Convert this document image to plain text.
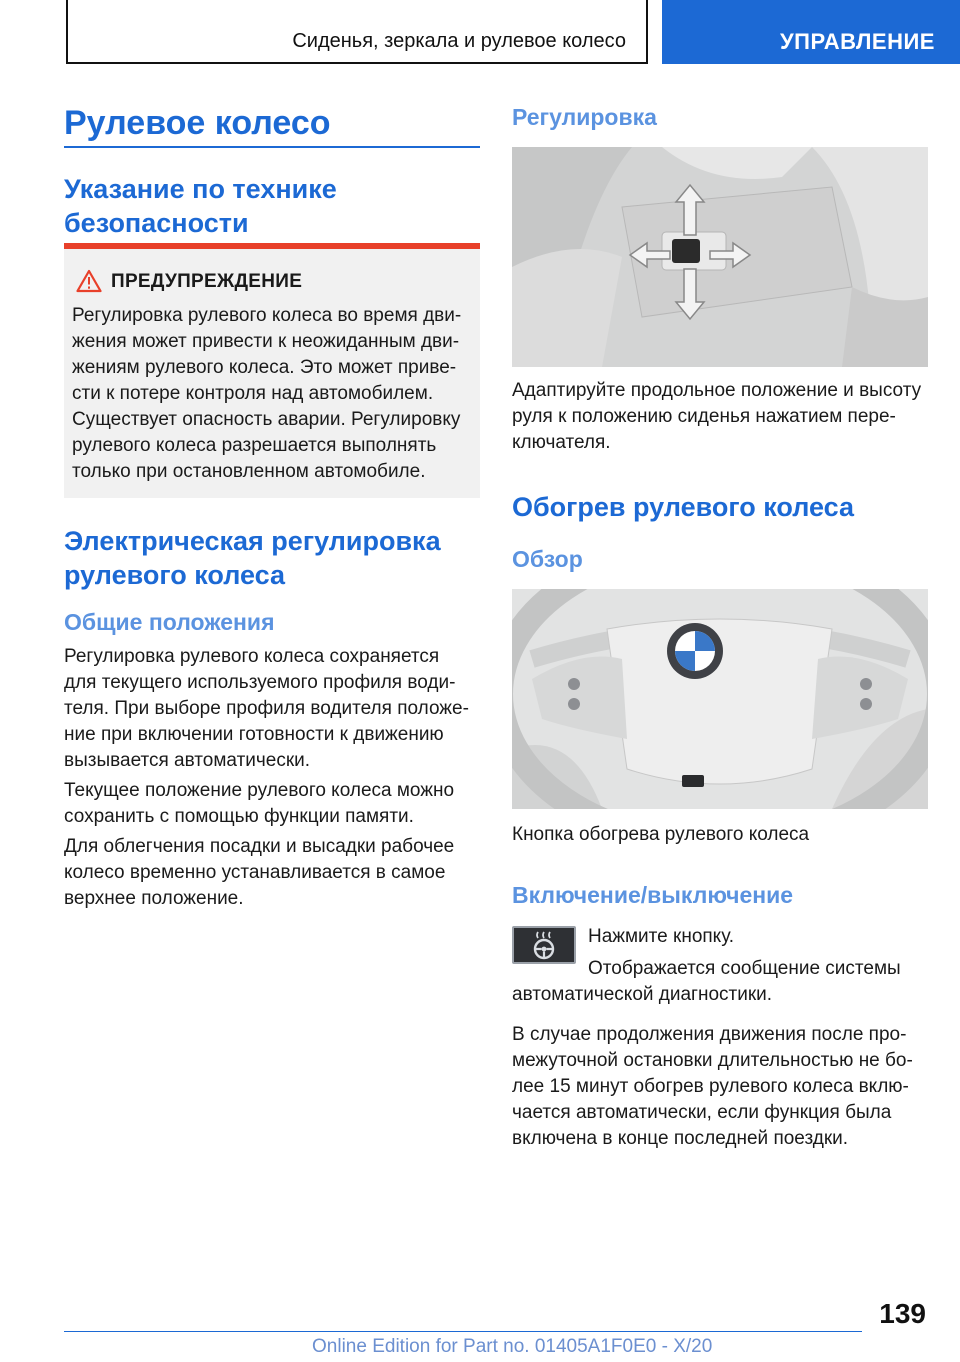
Сиденья, зеркала и рулевое колесо	УПРАВЛЕНИЕ
Рулевое колесо
Указание по технике безопасности
ПРЕДУПРЕЖДЕНИЕ
Регулировка рулевого колеса во время дви-
жения может привести к неожиданным дви-
жениям рулевого колеса. Это может приве-
сти к потере контроля над автомобилем.
Существует опасность аварии. Регулировку
рулевого колеса разрешается выполнять
только при остановленном автомобиле.
Электрическая регулировка рулевого колеса
Общие положения
Регулировка рулевого колеса сохраняется
для текущего используемого профиля води-
теля. При выборе профиля водителя положе-
ние при включении готовности к движению
вызывается автоматически.
Текущее положение рулевого колеса можно
сохранить с помощью функции памяти.
Для облегчения посадки и высадки рабочее
колесо временно устанавливается в самое
верхнее положение.
Регулировка
Адаптируйте продольное положение и высоту
руля к положению сиденья нажатием пере-
ключателя.
Обогрев рулевого колеса
Обзор
Кнопка обогрева рулевого колеса
Включение/выключение
Нажмите кнопку.
Отображается сообщение системы
автоматической диагностики.
В случае продолжения движения после про-
межуточной остановки длительностью не бо-
лее 15 минут обогрев рулевого колеса вклю-
чается автоматически, если функция была
включена в конце последней поездки.
139
Online Edition for Part no. 01405A1F0E0 - X/20
